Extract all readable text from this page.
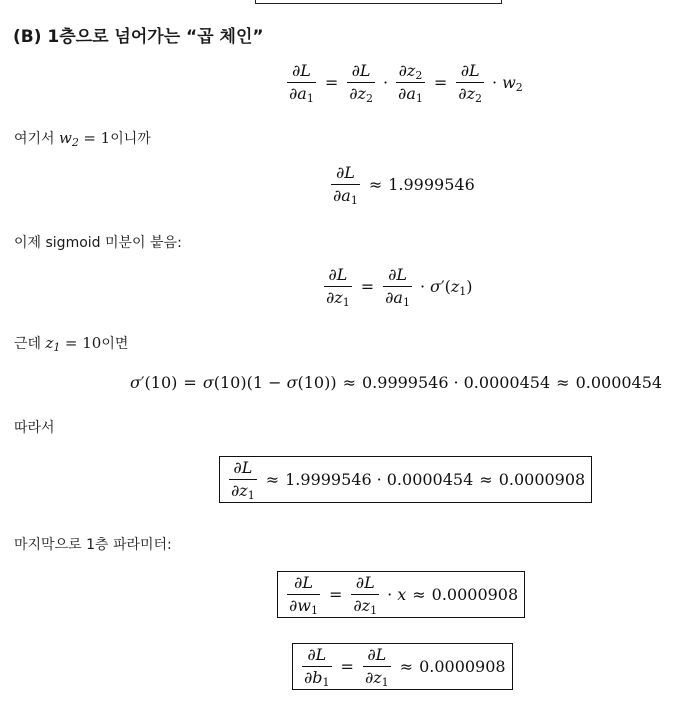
(B) 1층으로 넘어가는 “곱 체인”
$\frac{\partial L}{\partial a_1} = \frac{\partial L}{\partial z_2} \cdot \frac{\partial z_2}{\partial a_1} = \frac{\partial L}{\partial z_2} \cdot w_2$
여기서 $w_2 = 1$이니까
$\frac{\partial L}{\partial a_1} \approx 1.9999546$
이제 sigmoid 미분이 붙음:
$\frac{\partial L}{\partial z_1} = \frac{\partial L}{\partial a_1} \cdot \sigma'(z_1)$
근데 $z_1 = 10$이면
σ′(10) = σ(10)(1 − σ(10)) ≈ 0.9999546 · 0.0000454 ≈ 0.0000454
따라서
$\frac{\partial L}{\partial z_1} \approx 1.9999546 \cdot 0.0000454 \approx 0.0000908$
마지막으로 1층 파라미터:
$\frac{\partial L}{\partial w_1} = \frac{\partial L}{\partial z_1} \cdot x \approx 0.0000908$
$\frac{\partial L}{\partial b_1} = \frac{\partial L}{\partial z_1} \approx 0.0000908$
